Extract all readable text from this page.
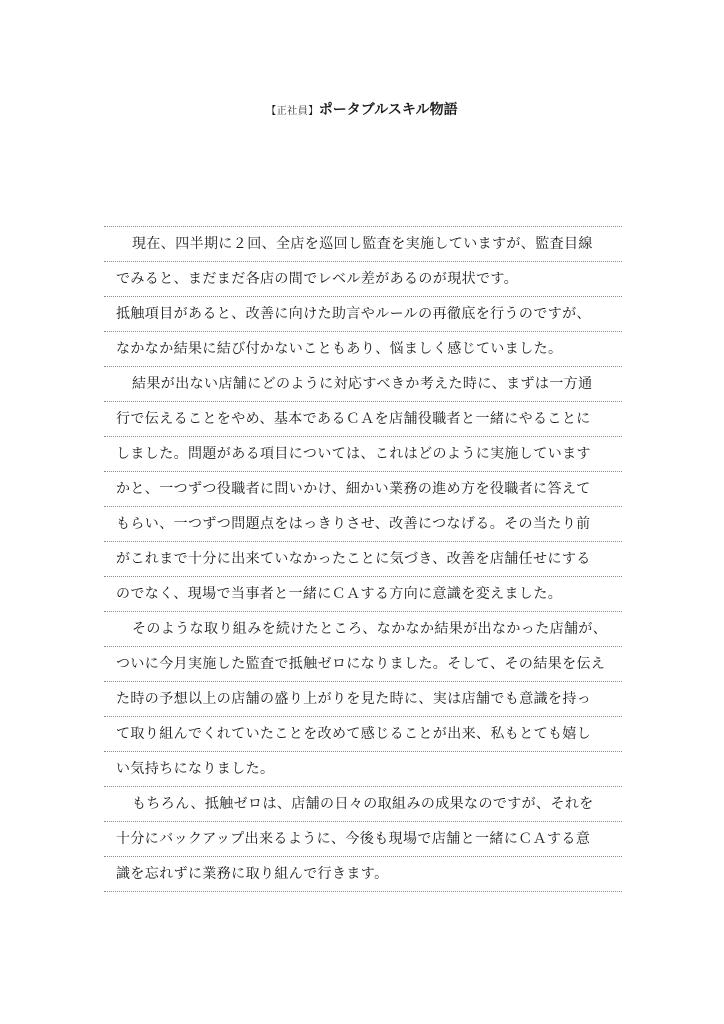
【正社員】ポータブルスキル物語
現在、四半期に２回、全店を巡回し監査を実施していますが、監査目線
でみると、まだまだ各店の間でレベル差があるのが現状です。
抵触項目があると、改善に向けた助言やルールの再徹底を行うのですが、
なかなか結果に結び付かないこともあり、悩ましく感じていました。
結果が出ない店舗にどのように対応すべきか考えた時に、まずは一方通
行で伝えることをやめ、基本であるＣＡを店舗役職者と一緒にやることに
しました。問題がある項目については、これはどのように実施しています
かと、一つずつ役職者に問いかけ、細かい業務の進め方を役職者に答えて
もらい、一つずつ問題点をはっきりさせ、改善につなげる。その当たり前
がこれまで十分に出来ていなかったことに気づき、改善を店舗任せにする
のでなく、現場で当事者と一緒にＣＡする方向に意識を変えました。
そのような取り組みを続けたところ、なかなか結果が出なかった店舗が、
ついに今月実施した監査で抵触ゼロになりました。そして、その結果を伝え
た時の予想以上の店舗の盛り上がりを見た時に、実は店舗でも意識を持っ
て取り組んでくれていたことを改めて感じることが出来、私もとても嬉し
い気持ちになりました。
もちろん、抵触ゼロは、店舗の日々の取組みの成果なのですが、それを
十分にバックアップ出来るように、今後も現場で店舗と一緒にＣＡする意
識を忘れずに業務に取り組んで行きます。
